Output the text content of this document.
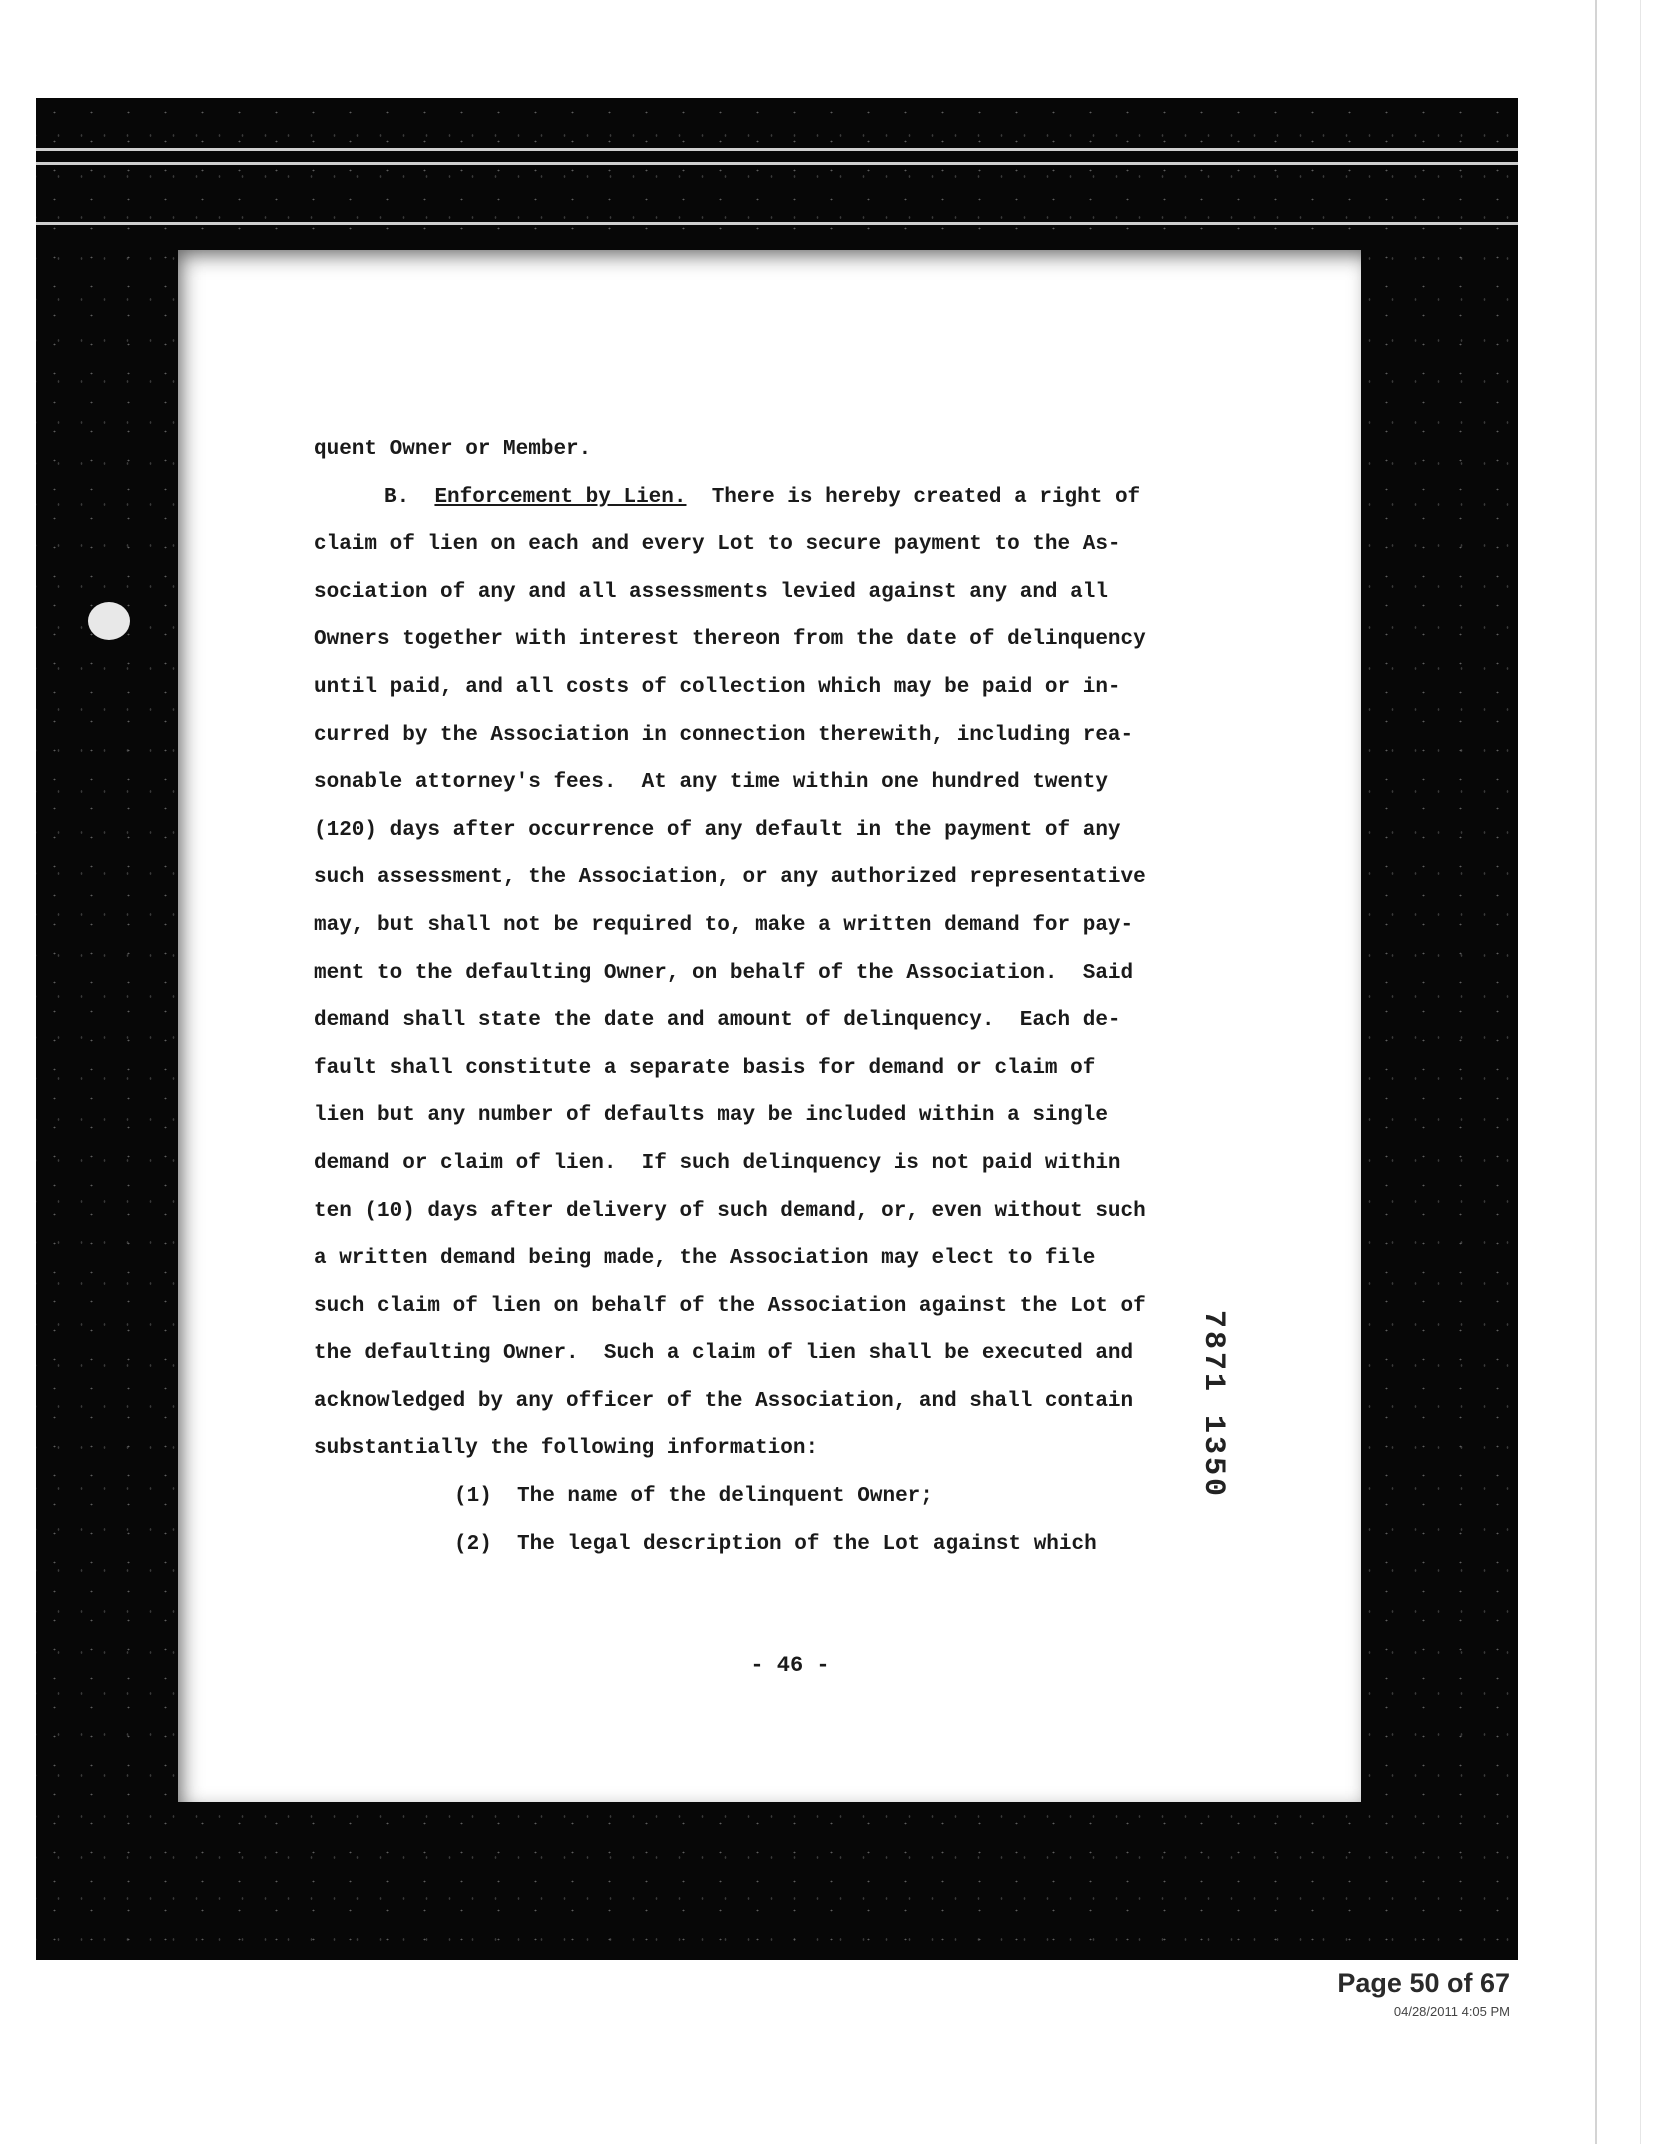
quent Owner or Member.
B. Enforcement by Lien.  There is hereby created a right of
claim of lien on each and every Lot to secure payment to the As-
sociation of any and all assessments levied against any and all
Owners together with interest thereon from the date of delinquency
until paid, and all costs of collection which may be paid or in-
curred by the Association in connection therewith, including rea-
sonable attorney's fees.  At any time within one hundred twenty
(120) days after occurrence of any default in the payment of any
such assessment, the Association, or any authorized representative
may, but shall not be required to, make a written demand for pay-
ment to the defaulting Owner, on behalf of the Association.  Said
demand shall state the date and amount of delinquency.  Each de-
fault shall constitute a separate basis for demand or claim of
lien but any number of defaults may be included within a single
demand or claim of lien.  If such delinquency is not paid within
ten (10) days after delivery of such demand, or, even without such
a written demand being made, the Association may elect to file
such claim of lien on behalf of the Association against the Lot of
the defaulting Owner.  Such a claim of lien shall be executed and
acknowledged by any officer of the Association, and shall contain
substantially the following information:
(1)  The name of the delinquent Owner;
(2)  The legal description of the Lot against which
- 46 -
7871 1350
Page 50 of 67
04/28/2011 4:05 PM
